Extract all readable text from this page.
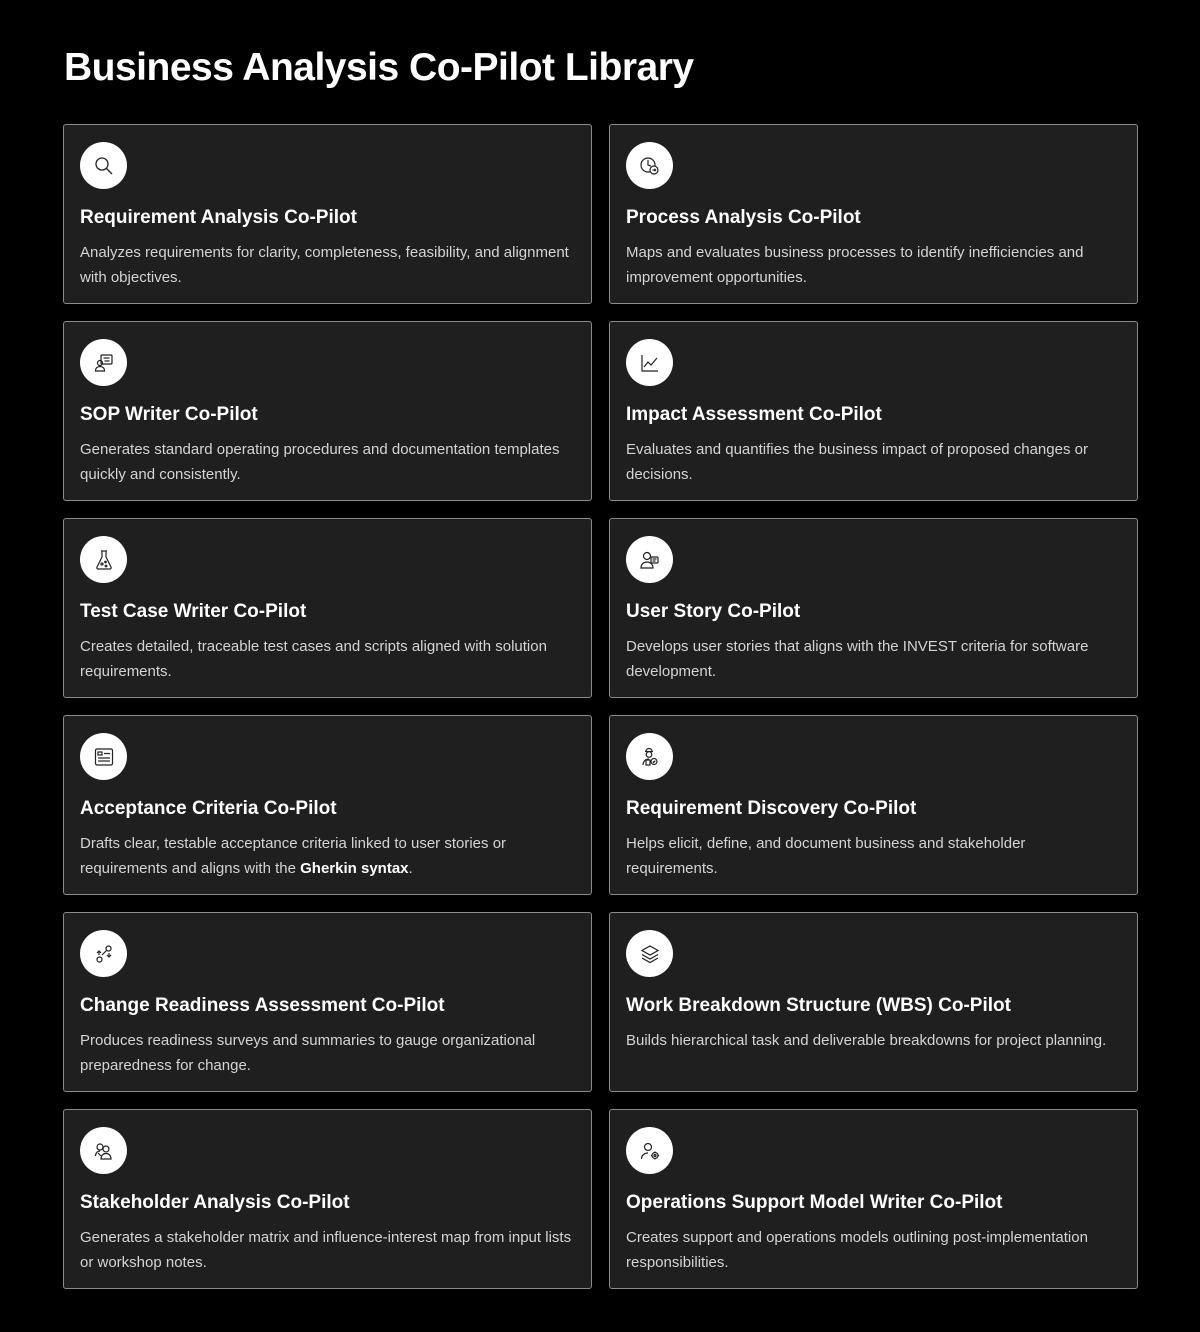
Business Analysis Co-Pilot Library
Requirement Analysis Co-Pilot
Analyzes requirements for clarity, completeness, feasibility, and alignment with objectives.
Process Analysis Co-Pilot
Maps and evaluates business processes to identify inefficiencies and improvement opportunities.
SOP Writer Co-Pilot
Generates standard operating procedures and documentation templates quickly and consistently.
Impact Assessment Co-Pilot
Evaluates and quantifies the business impact of proposed changes or decisions.
Test Case Writer Co-Pilot
Creates detailed, traceable test cases and scripts aligned with solution requirements.
User Story Co-Pilot
Develops user stories that aligns with the INVEST criteria for software development.
Acceptance Criteria Co-Pilot
Drafts clear, testable acceptance criteria linked to user stories or requirements and aligns with the Gherkin syntax.
Requirement Discovery Co-Pilot
Helps elicit, define, and document business and stakeholder requirements.
Change Readiness Assessment Co-Pilot
Produces readiness surveys and summaries to gauge organizational preparedness for change.
Work Breakdown Structure (WBS) Co-Pilot
Builds hierarchical task and deliverable breakdowns for project planning.
Stakeholder Analysis Co-Pilot
Generates a stakeholder matrix and influence-interest map from input lists or workshop notes.
Operations Support Model Writer Co-Pilot
Creates support and operations models outlining post-implementation responsibilities.
